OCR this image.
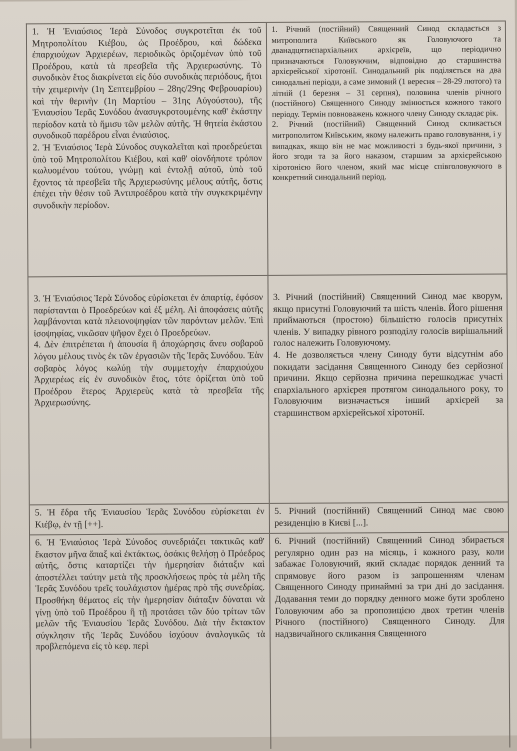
1. Ἡ Ἐνιαύσιος Ἱερὰ Σύνοδος συγκροτεῖται ἐκ τοῦ Μητροπολίτου Κιέβου, ὡς Προέδρου, καὶ δώδεκα ἐπαρχιούχων Ἀρχιερέων, περιοδικῶς ὁριζομένων ὑπὸ τοῦ Προέδρου, κατὰ τὰ πρεσβεῖα τῆς Ἀρχιερωσύνης. Τὸ συνοδικὸν ἔτος διακρίνεται εἰς δύο συνοδικὰς περιόδους, ἤτοι τὴν χειμερινὴν (1η Σεπτεμβρίου – 28ης/29ης Φεβρουαρίου) καὶ τὴν θερινὴν (1η Μαρτίου – 31ης Αὐγούστου), τῆς Ἐνιαυσίου Ἱερᾶς Συνόδου ἀνασυγκροτουμένης καθ' ἑκάστην περίοδον κατὰ τὸ ἥμισυ τῶν μελῶν αὐτῆς. Ἡ θητεία ἑκάστου συνοδικοῦ παρέδρου εἶναι ἐνιαύσιος.

2. Ἡ Ἐνιαύσιος Ἱερὰ Σύνοδος συγκαλεῖται καὶ προεδρεύεται ὑπὸ τοῦ Μητροπολίτου Κιέβου, καὶ καθ' οἱονδήποτε τρόπον κωλυομένου τούτου, γνώμῃ καὶ ἐντολῇ αὐτοῦ, ὑπὸ τοῦ ἔχοντος τὰ πρεσβεῖα τῆς Ἀρχιερωσύνης μέλους αὐτῆς, ὅστις ἐπέχει τὴν θέσιν τοῦ Ἀντιπροέδρου κατὰ τὴν συγκεκριμένην συνοδικὴν περίοδον.

1. Річний (постійний) Священний Синод складається з митрополита Київського як Головуючого та дванадцятиєпархіальних архієреїв, що періодично призначаються Головуючим, відповідно до старшинства архієрейської хіротонії. Синодальний рік поділяється на два синодальні періоди, а саме зимовий (1 вересня – 28-29 лютого) та літній (1 березня – 31 серпня), половина членів річного (постійного) Священного Синоду змінюється кожного такого періоду. Термін повноважень кожного члену Синоду складає рік.

2. Річний (постійний) Священний Синод скликається митрополитом Київським, якому належить право головування, і у випадках, якщо він не має можливості з будь-якої причини, з його згоди та за його наказом, старшим за архієрейською хіротонією його членом, який має місце співголовуючого в конкретний синодальний період.

3. Ἡ Ἐνιαύσιος Ἱερὰ Σύνοδος εὑρίσκεται ἐν ἀπαρτίᾳ, ἐφόσον παρίστανται ὁ Προεδρεύων καὶ ἐξ μέλη. Αἱ ἀποφάσεις αὐτῆς λαμβάνονται κατὰ πλειονοψηφίαν τῶν παρόντων μελῶν. Ἐπὶ ἰσοψηφίας, νικῶσαν ψῆφον ἔχει ὁ Προεδρεύων.

4. Δὲν ἐπιτρέπεται ἡ ἀπουσία ἢ ἀποχώρησις ἄνευ σοβαροῦ λόγου μέλους τινὸς ἐκ τῶν ἐργασιῶν τῆς Ἱερᾶς Συνόδου. Ἐὰν σοβαρὸς λόγος κωλύῃ τὴν συμμετοχὴν ἐπαρχιούχου Ἀρχιερέως εἰς ἐν συνοδικὸν ἔτος, τότε ὁρίζεται ὑπὸ τοῦ Προέδρου ἕτερος Ἀρχιερεὺς κατὰ τὰ πρεσβεῖα τῆς Ἀρχιερωσύνης.

3. Річний (постійний) Священний Синод має кворум, якщо присутні Головуючий та шість членів. Його рішення приймаються (простою) більшістю голосів присутніх членів. У випадку рівного розподілу голосів вирішальний голос належить Головуючому.

4. Не дозволяється члену Синоду бути відсутнім або покидати засідання Священного Синоду без серйозної причини. Якщо серйозна причина перешкоджає участі єпархіального архієрея протягом синодального року, то Головуючим визначається інший архієрей за старшинством архієрейської хіротонії.

5. Ἡ ἕδρα τῆς Ἐνιαυσίου Ἱερᾶς Συνόδου εὑρίσκεται ἐν Κιέβῳ, ἐν τῇ [++].

5. Річний (постійний) Священний Синод має свою резиденцію в Києві [...].

6. Ἡ Ἐνιαύσιος Ἱερὰ Σύνοδος συνεδριάζει τακτικῶς καθ' ἕκαστον μῆνα ἅπαξ καὶ ἐκτάκτως, ὁσάκις θελήσῃ ὁ Πρόεδρος αὐτῆς, ὅστις καταρτίζει τὴν ἡμερησίαν διάταξιν καὶ ἀποστέλλει ταύτην μετὰ τῆς προσκλήσεως πρὸς τὰ μέλη τῆς Ἱερᾶς Συνόδου τρεῖς τουλάχιστον ἡμέρας πρὸ τῆς συνεδρίας. Προσθήκη θέματος εἰς τὴν ἡμερησίαν διάταξιν δύναται νὰ γίνῃ ὑπὸ τοῦ Προέδρου ἢ τῇ προτάσει τῶν δύο τρίτων τῶν μελῶν τῆς Ἐνιαυσίου Ἱερᾶς Συνόδου. Διὰ τὴν ἔκτακτον σύγκλησιν τῆς Ἱερᾶς Συνόδου ἰσχύουν ἀναλογικῶς τὰ προβλεπόμενα εἰς τὸ κεφ. περὶ

6. Річний (постійний) Священний Синод збирається регулярно один раз на місяць, і кожного разу, коли забажає Головуючий, який складає порядок денний та спрямовує його разом із запрошенням членам Священного Синоду принаймні за три дні до засідання. Додавання теми до порядку денного може бути зроблено Головуючим або за пропозицією двох третин членів Річного (постійного) Священного Синоду. Для надзвичайного скликання Священного
